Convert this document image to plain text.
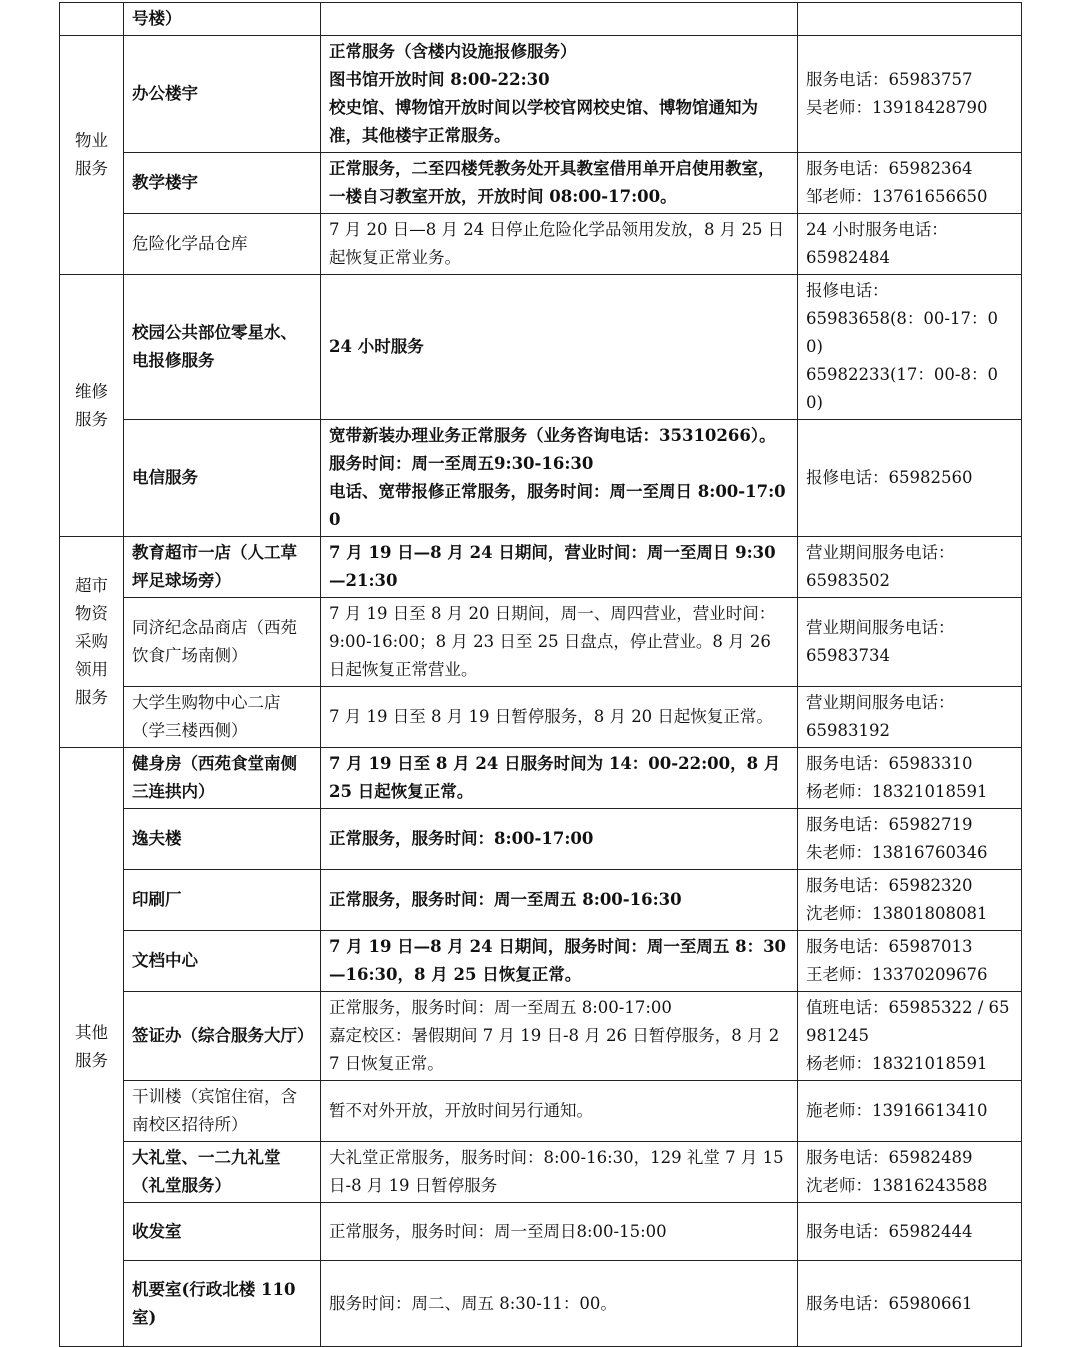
	号楼）		
物业服务	办公楼宇	正常服务（含楼内设施报修服务）
图书馆开放时间 8:00-22:30
校史馆、博物馆开放时间以学校官网校史馆、博物馆通知为准，其他楼宇正常服务。	服务电话：65983757
吴老师：13918428790

	教学楼宇	正常服务，二至四楼凭教务处开具教室借用单开启使用教室，一楼自习教室开放，开放时间 08:00-17:00。	服务电话：65982364
邹老师：13761656650

	危险化学品仓库	7 月 20 日—8 月 24 日停止危险化学品领用发放，8 月 25 日起恢复正常业务。	24 小时服务电话：
65982484

维修服务	校园公共部位零星水、电报修服务	24 小时服务	报修电话：
65983658(8：00-17：00)
65982233(17：00-8：00)

	电信服务	宽带新装办理业务正常服务（业务咨询电话：35310266）。服务时间：周一至周五9:30-16:30
电话、宽带报修正常服务，服务时间：周一至周日 8:00-17:00	报修电话：65982560
超市物资采购领用服务	教育超市一店（人工草坪足球场旁）	7 月 19 日—8 月 24 日期间，营业时间：周一至周日 9:30—21:30	营业期间服务电话：
65983502

	同济纪念品商店（西苑饮食广场南侧）	7 月 19 日至 8 月 20 日期间，周一、周四营业，营业时间：9:00-16:00；8 月 23 日至 25 日盘点，停止营业。8 月 26 日起恢复正常营业。	营业期间服务电话：
65983734

	大学生购物中心二店（学三楼西侧）	7 月 19 日至 8 月 19 日暂停服务，8 月 20 日起恢复正常。	营业期间服务电话：
65983192

其他服务	健身房（西苑食堂南侧三连拱内）	7 月 19 日至 8 月 24 日服务时间为 14：00-22:00，8 月 25 日起恢复正常。	服务电话：65983310
杨老师：18321018591

	逸夫楼	正常服务，服务时间：8:00-17:00	服务电话：65982719
朱老师：13816760346

	印刷厂	正常服务，服务时间：周一至周五 8:00-16:30	服务电话：65982320
沈老师：13801808081

	文档中心	7 月 19 日—8 月 24 日期间，服务时间：周一至周五 8：30—16:30，8 月 25 日恢复正常。	服务电话：65987013
王老师：13370209676

	签证办（综合服务大厅）	正常服务，服务时间：周一至周五 8:00-17:00
嘉定校区：暑假期间 7 月 19 日-8 月 26 日暂停服务，8 月 27 日恢复正常。	值班电话：65985322 / 65981245
杨老师：18321018591

	干训楼（宾馆住宿，含南校区招待所）	暂不对外开放，开放时间另行通知。	施老师：13916613410
	大礼堂、一二九礼堂（礼堂服务）	大礼堂正常服务，服务时间：8:00-16:30，129 礼堂 7 月 15 日-8 月 19 日暂停服务	服务电话：65982489
沈老师：13816243588

	收发室	正常服务，服务时间：周一至周日8:00-15:00	服务电话：65982444
	机要室(行政北楼 110 室)	服务时间：周二、周五 8:30-11：00。	服务电话：65980661
